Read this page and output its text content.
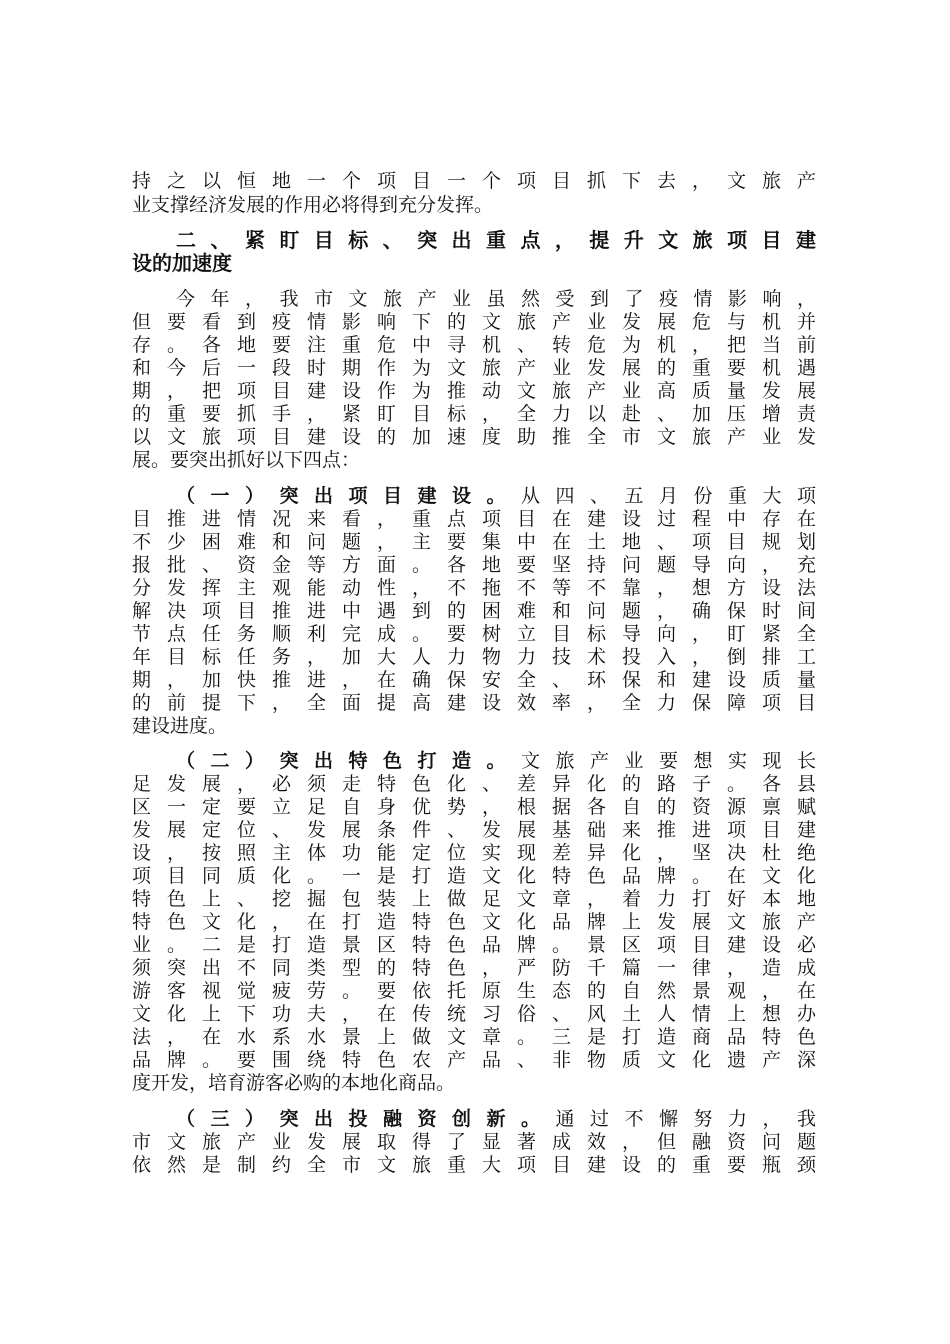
持之以恒地一个项目一个项目抓下去，文旅产
业支撑经济发展的作用必将得到充分发挥。
二、紧盯目标、突出重点，提升文旅项目建
设的加速度
今年，我市文旅产业虽然受到了疫情影响，
但要看到疫情影响下的文旅产业发展危与机并
存。各地要注重危中寻机、转危为机，把当前
和今后一段时期作为文旅产业发展的重要机遇
期，把项目建设作为推动文旅产业高质量发展
的重要抓手，紧盯目标，全力以赴、加压增责
以文旅项目建设的加速度助推全市文旅产业发
展。要突出抓好以下四点：
（一）突出项目建设。从四、五月份重大项
目推进情况来看，重点项目在建设过程中存在
不少困难和问题，主要集中在土地、项目规划
报批、资金等方面。各地要坚持问题导向，充
分发挥主观能动性，不拖不等不靠，想方设法
解决项目推进中遇到的困难和问题，确保时间
节点任务顺利完成。要树立目标导向，盯紧全
年目标任务，加大人力物力技术投入，倒排工
期，加快推进，在确保安全、环保和建设质量
的前提下，全面提高建设效率，全力保障项目
建设进度。
（二）突出特色打造。文旅产业要想实现长
足发展，必须走特色化、差异化的路子。各县
区一定要立足自身优势，根据各自的资源禀赋
发展定位、发展条件、发展基础来推进项目建
设，按照主体功能定位实现差异化，坚决杜绝
项目同质化。一是打造文化特色品牌。在文化
特色上、挖掘包装上做足文章，着力打好本地
特色文化，在打造特色文化品牌上发展文旅产
业。二是打造景区特色品牌。景区项目建设必
须突出不同类型的特色，严防千篇一律，造成
游客视觉疲劳。要依托原生态的自然景观，在
文化上下功夫，在传统习俗、风土人情上想办
法，在水系水景上做文章。三是打造商品特色
品牌。要围绕特色农产品、非物质文化遗产深
度开发，培育游客必购的本地化商品。
（三）突出投融资创新。通过不懈努力，我
市文旅产业发展取得了显著成效，但融资问题
依然是制约全市文旅重大项目建设的重要瓶颈
